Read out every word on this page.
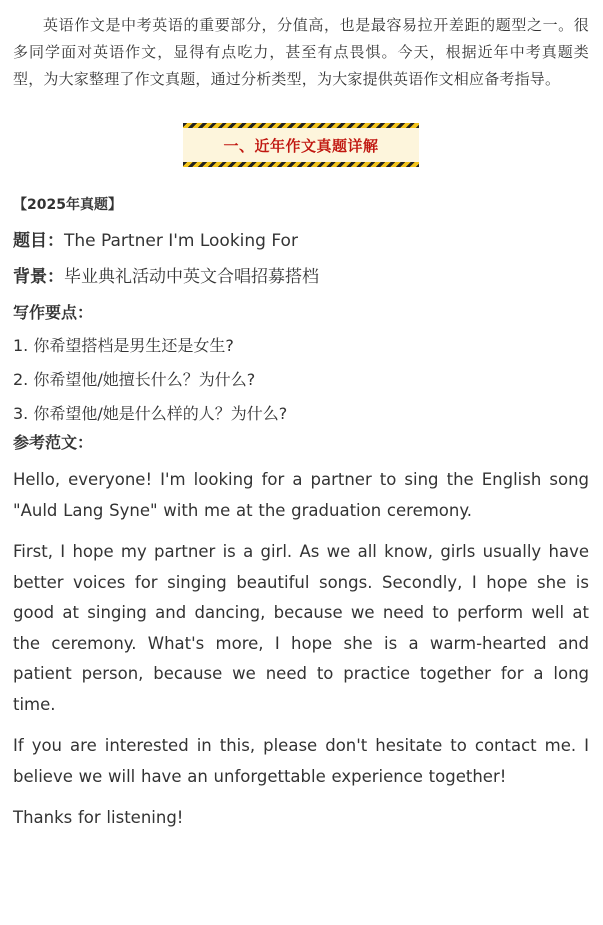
英语作文是中考英语的重要部分，分值高，也是最容易拉开差距的题型之一。很多同学面对英语作文，显得有点吃力，甚至有点畏惧。今天，根据近年中考真题类型，为大家整理了作文真题，通过分析类型，为大家提供英语作文相应备考指导。

一、近年作文真题详解
【2025年真题】
题目：The Partner I'm Looking For
背景：毕业典礼活动中英文合唱招募搭档
写作要点：
1. 你希望搭档是男生还是女生?
2. 你希望他/她擅长什么？为什么?
3. 你希望他/她是什么样的人？为什么?
参考范文：

Hello, everyone! I'm looking for a partner to sing the English song "Auld Lang Syne" with me at the graduation ceremony.

First, I hope my partner is a girl. As we all know, girls usually have better voices for singing beautiful songs. Secondly, I hope she is good at singing and dancing, because we need to perform well at the ceremony. What's more, I hope she is a warm-hearted and patient person, because we need to practice together for a long time.

If you are interested in this, please don't hesitate to contact me. I believe we will have an unforgettable experience together!

Thanks for listening!
